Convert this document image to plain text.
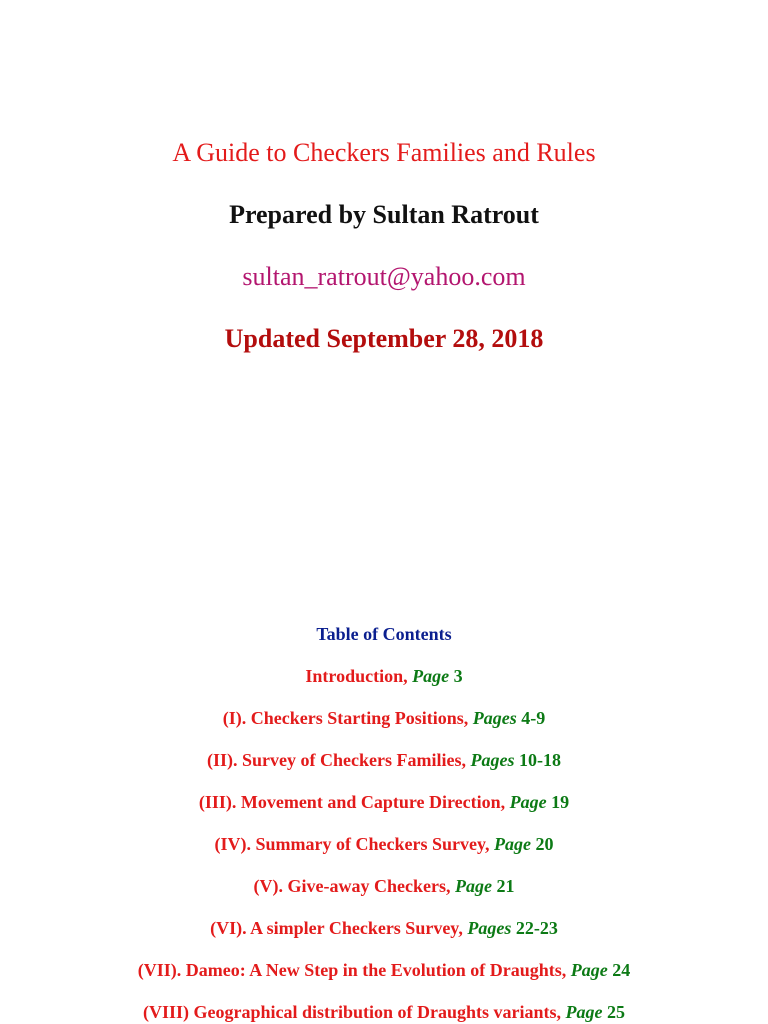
A Guide to Checkers Families and Rules
Prepared by Sultan Ratrout
sultan_ratrout@yahoo.com
Updated September 28, 2018
Table of Contents
Introduction, Page 3
(I). Checkers Starting Positions, Pages 4-9
(II). Survey of Checkers Families, Pages 10-18
(III). Movement and Capture Direction, Page 19
(IV). Summary of Checkers Survey, Page 20
(V). Give-away Checkers, Page 21
(VI). A simpler Checkers Survey, Pages 22-23
(VII). Dameo: A New Step in the Evolution of Draughts, Page 24
(VIII) Geographical distribution of Draughts variants, Page 25
